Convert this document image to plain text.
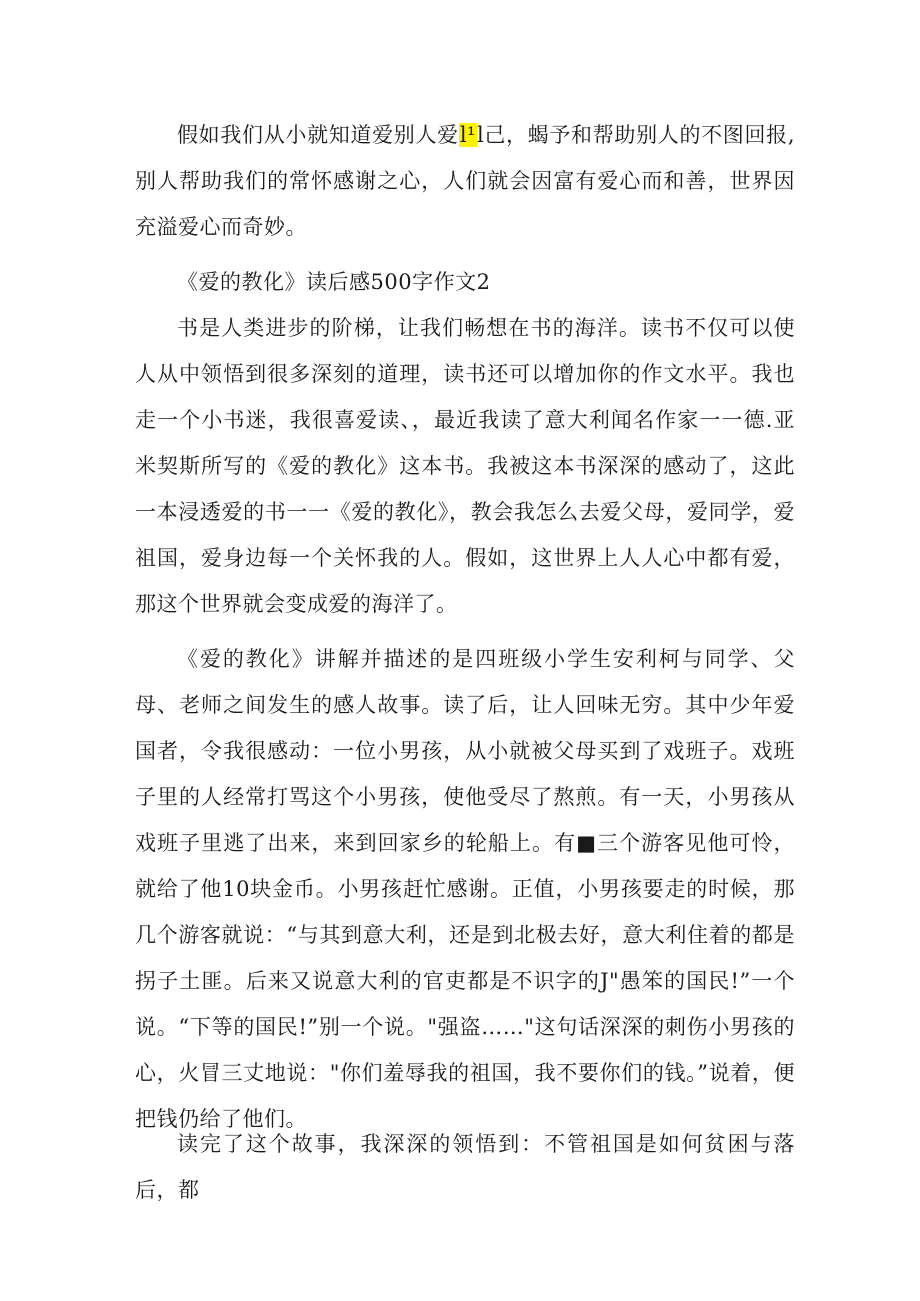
假如我们从小就知道爱别人爱l¹l己，蝎予和帮助别人的不图回报,别人帮助我们的常怀感谢之心，人们就会因富有爱心而和善，世界因充溢爱心而奇妙。

《爱的教化》读后感500字作文2

书是人类进步的阶梯，让我们畅想在书的海洋。读书不仅可以使人从中领悟到很多深刻的道理，读书还可以增加你的作文水平。我也走一个小书迷，我很喜爱读、，最近我读了意大利闻名作家一一德.亚米契斯所写的《爱的教化》这本书。我被这本书深深的感动了，这此一本浸透爱的书一一《爱的教化》，教会我怎么去爱父母，爱同学，爱祖国，爱身边每一个关怀我的人。假如，这世界上人人心中都有爱，那这个世界就会变成爱的海洋了。

《爱的教化》讲解并描述的是四班级小学生安利柯与同学、父母、老师之间发生的感人故事。读了后，让人回味无穷。其中少年爱国者，令我很感动：一位小男孩，从小就被父母买到了戏班子。戏班子里的人经常打骂这个小男孩，使他受尽了熬煎。有一天，小男孩从戏班子里逃了出来，来到回家乡的轮船上。有■三个游客见他可怜，就给了他10块金币。小男孩赶忙感谢。正值，小男孩要走的时候，那几个游客就说：“与其到意大利，还是到北极去好，意大利住着的都是拐子土匪。后来又说意大利的官吏都是不识字的J"愚笨的国民!”一个说。“下等的国民!”别一个说。"强盗……"这句话深深的刺伤小男孩的心，火冒三丈地说："你们羞辱我的祖国，我不要你们的钱。”说着，便把钱仍给了他们。

读完了这个故事，我深深的领悟到：不管祖国是如何贫困与落后，都
